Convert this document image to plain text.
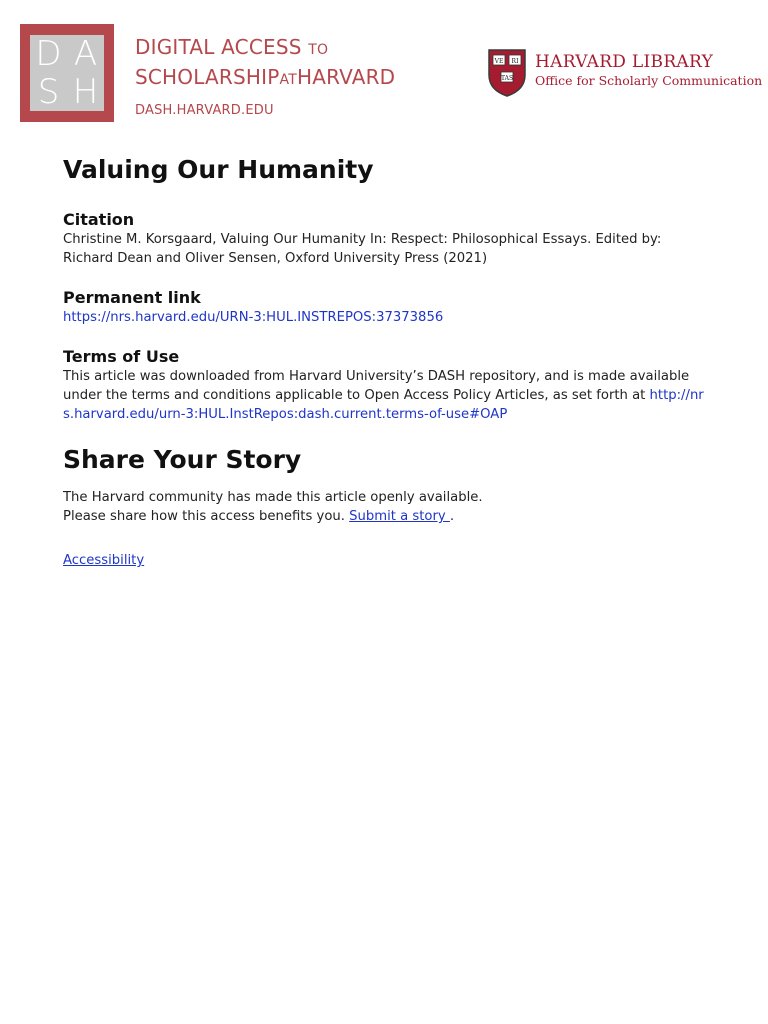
D A
S H
DIGITAL ACCESS TO
SCHOLARSHIPATHARVARD
DASH.HARVARD.EDU
VE RI
TAS
HARVARD LIBRARY
Office for Scholarly Communication
Valuing Our Humanity
Citation

Christine M. Korsgaard, Valuing Our Humanity In: Respect: Philosophical Essays. Edited by: Richard Dean and Oliver Sensen, Oxford University Press (2021)

Permanent link

https://nrs.harvard.edu/URN-3:HUL.INSTREPOS:37373856

Terms of Use

This article was downloaded from Harvard University’s DASH repository, and is made available under the terms and conditions applicable to Open Access Policy Articles, as set forth at http://nrs.harvard.edu/urn-3:HUL.InstRepos:dash.current.terms-of-use#OAP

Share Your Story

The Harvard community has made this article openly available.

Please share how this access benefits you. Submit a story .

Accessibility
